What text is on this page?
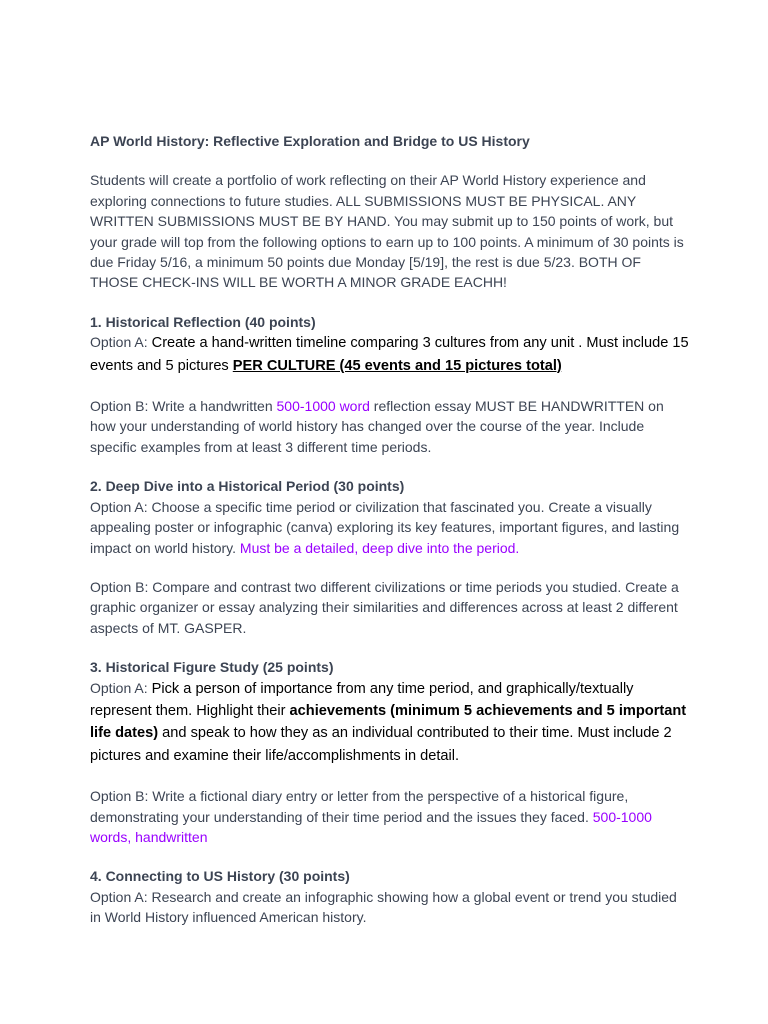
AP World History: Reflective Exploration and Bridge to US History
Students will create a portfolio of work reflecting on their AP World History experience and exploring connections to future studies. ALL SUBMISSIONS MUST BE PHYSICAL. ANY WRITTEN SUBMISSIONS MUST BE BY HAND. You may submit up to 150 points of work, but your grade will top from the following options to earn up to 100 points. A minimum of 30 points is due Friday 5/16, a minimum 50 points due Monday [5/19], the rest is due 5/23. BOTH OF THOSE CHECK-INS WILL BE WORTH A MINOR GRADE EACHH!
1. Historical Reflection (40 points)
Option A: Create a hand-written timeline comparing 3 cultures from any unit . Must include 15 events and 5 pictures PER CULTURE (45 events and 15 pictures total)
Option B: Write a handwritten 500-1000 word reflection essay MUST BE HANDWRITTEN on how your understanding of world history has changed over the course of the year. Include specific examples from at least 3 different time periods.
2. Deep Dive into a Historical Period (30 points)
Option A: Choose a specific time period or civilization that fascinated you. Create a visually appealing poster or infographic (canva) exploring its key features, important figures, and lasting impact on world history. Must be a detailed, deep dive into the period.
Option B: Compare and contrast two different civilizations or time periods you studied. Create a graphic organizer or essay analyzing their similarities and differences across at least 2 different aspects of MT. GASPER.
3. Historical Figure Study (25 points)
Option A: Pick a person of importance from any time period, and graphically/textually represent them. Highlight their achievements (minimum 5 achievements and 5 important life dates) and speak to how they as an individual contributed to their time. Must include 2 pictures and examine their life/accomplishments in detail.
Option B: Write a fictional diary entry or letter from the perspective of a historical figure, demonstrating your understanding of their time period and the issues they faced. 500-1000 words, handwritten
4. Connecting to US History (30 points)
Option A: Research and create an infographic showing how a global event or trend you studied in World History influenced American history.
